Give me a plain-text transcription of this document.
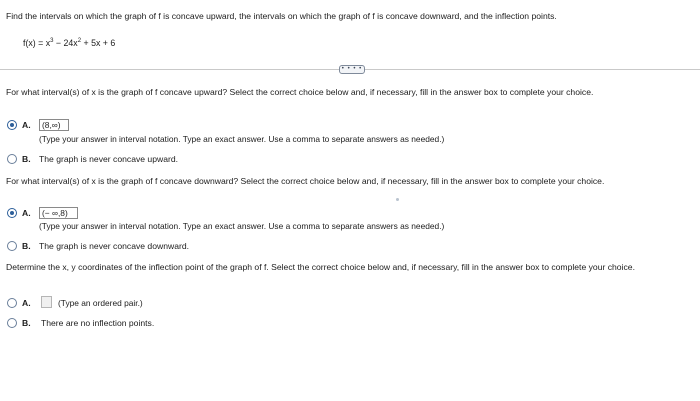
Find the intervals on which the graph of f is concave upward, the intervals on which the graph of f is concave downward, and the inflection points.
$f(x) = x^3 - 24x^2 + 5x + 6$
• • • •
For what interval(s) of x is the graph of f concave upward? Select the correct choice below and, if necessary, fill in the answer box to complete your choice.
A.	(8,∞)
(Type your answer in interval notation. Type an exact answer. Use a comma to separate answers as needed.)
B. The graph is never concave upward.
For what interval(s) of x is the graph of f concave downward? Select the correct choice below and, if necessary, fill in the answer box to complete your choice.
A.	(− ∞,8)
(Type your answer in interval notation. Type an exact answer. Use a comma to separate answers as needed.)
B. The graph is never concave downward.
Determine the x, y coordinates of the inflection point of the graph of f. Select the correct choice below and, if necessary, fill in the answer box to complete your choice.
A.	(Type an ordered pair.)
B. There are no inflection points.
